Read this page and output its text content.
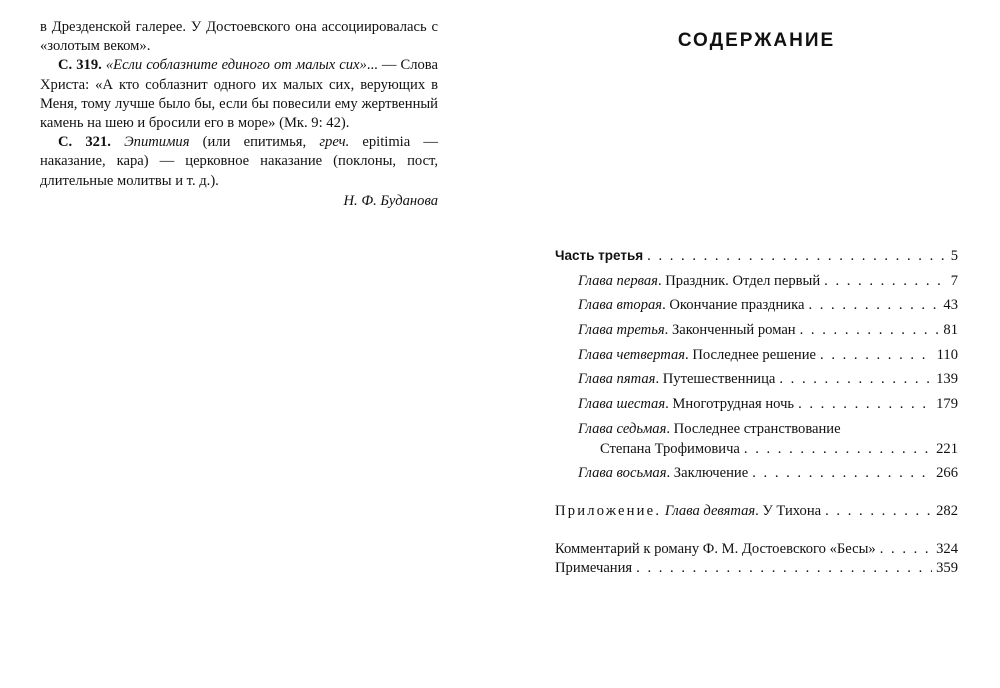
в Дрезденской галерее. У Достоевского она ассоциировалась с «золотым веком».

С. 319. «Если соблазните единого от малых сих»... — Слова Христа: «А кто соблазнит одного их малых сих, верующих в Меня, тому лучше было бы, если бы повесили ему жертвенный камень на шею и бросили его в море» (Мк. 9: 42).

С. 321. Эпитимия (или епитимья, греч. epitimia — наказание, кара) — церковное наказание (поклоны, пост, длительные молитвы и т. д.).

Н. Ф. Буданова

СОДЕРЖАНИЕ
Часть третья . . .	5
Глава первая. Праздник. Отдел первый . . .	7
Глава вторая. Окончание праздника . . .	43
Глава третья. Законченный роман . . .	81
Глава четвертая. Последнее решение . . .	110
Глава пятая. Путешественница . . .	139
Глава шестая. Многотрудная ночь . . .	179
Глава седьмая. Последнее странствование
Степана Трофимовича . . .	221
Глава восьмая. Заключение . . .	266
Приложение. Глава девятая. У Тихона . . .	282
Комментарий к роману Ф. М. Достоевского «Бесы» . . .	324
Примечания . . .	359
